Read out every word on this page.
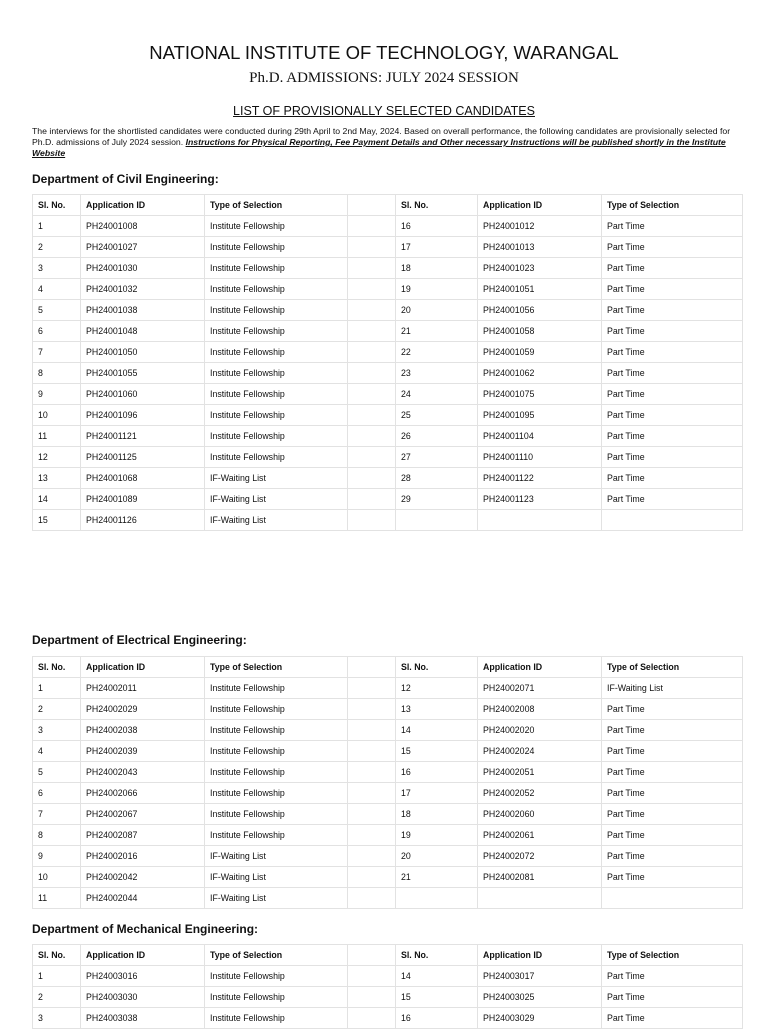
NATIONAL INSTITUTE OF TECHNOLOGY, WARANGAL
Ph.D. ADMISSIONS: JULY 2024 SESSION
LIST OF PROVISIONALLY SELECTED CANDIDATES
The interviews for the shortlisted candidates were conducted during 29th April to 2nd May, 2024. Based on overall performance, the following candidates are provisionally selected for Ph.D. admissions of July 2024 session. Instructions for Physical Reporting, Fee Payment Details and Other necessary Instructions will be published shortly in the Institute Website
Department of Civil Engineering:
Sl. No.	Application ID	Type of Selection		Sl. No.	Application ID	Type of Selection
1	PH24001008	Institute Fellowship		16	PH24001012	Part Time
2	PH24001027	Institute Fellowship		17	PH24001013	Part Time
3	PH24001030	Institute Fellowship		18	PH24001023	Part Time
4	PH24001032	Institute Fellowship		19	PH24001051	Part Time
5	PH24001038	Institute Fellowship		20	PH24001056	Part Time
6	PH24001048	Institute Fellowship		21	PH24001058	Part Time
7	PH24001050	Institute Fellowship		22	PH24001059	Part Time
8	PH24001055	Institute Fellowship		23	PH24001062	Part Time
9	PH24001060	Institute Fellowship		24	PH24001075	Part Time
10	PH24001096	Institute Fellowship		25	PH24001095	Part Time
11	PH24001121	Institute Fellowship		26	PH24001104	Part Time
12	PH24001125	Institute Fellowship		27	PH24001110	Part Time
13	PH24001068	IF-Waiting List		28	PH24001122	Part Time
14	PH24001089	IF-Waiting List		29	PH24001123	Part Time
15	PH24001126	IF-Waiting List				
Department of Electrical Engineering:
Sl. No.	Application ID	Type of Selection		Sl. No.	Application ID	Type of Selection
1	PH24002011	Institute Fellowship		12	PH24002071	IF-Waiting List
2	PH24002029	Institute Fellowship		13	PH24002008	Part Time
3	PH24002038	Institute Fellowship		14	PH24002020	Part Time
4	PH24002039	Institute Fellowship		15	PH24002024	Part Time
5	PH24002043	Institute Fellowship		16	PH24002051	Part Time
6	PH24002066	Institute Fellowship		17	PH24002052	Part Time
7	PH24002067	Institute Fellowship		18	PH24002060	Part Time
8	PH24002087	Institute Fellowship		19	PH24002061	Part Time
9	PH24002016	IF-Waiting List		20	PH24002072	Part Time
10	PH24002042	IF-Waiting List		21	PH24002081	Part Time
11	PH24002044	IF-Waiting List				
Department of Mechanical Engineering:
Sl. No.	Application ID	Type of Selection		Sl. No.	Application ID	Type of Selection
1	PH24003016	Institute Fellowship		14	PH24003017	Part Time
2	PH24003030	Institute Fellowship		15	PH24003025	Part Time
3	PH24003038	Institute Fellowship		16	PH24003029	Part Time
